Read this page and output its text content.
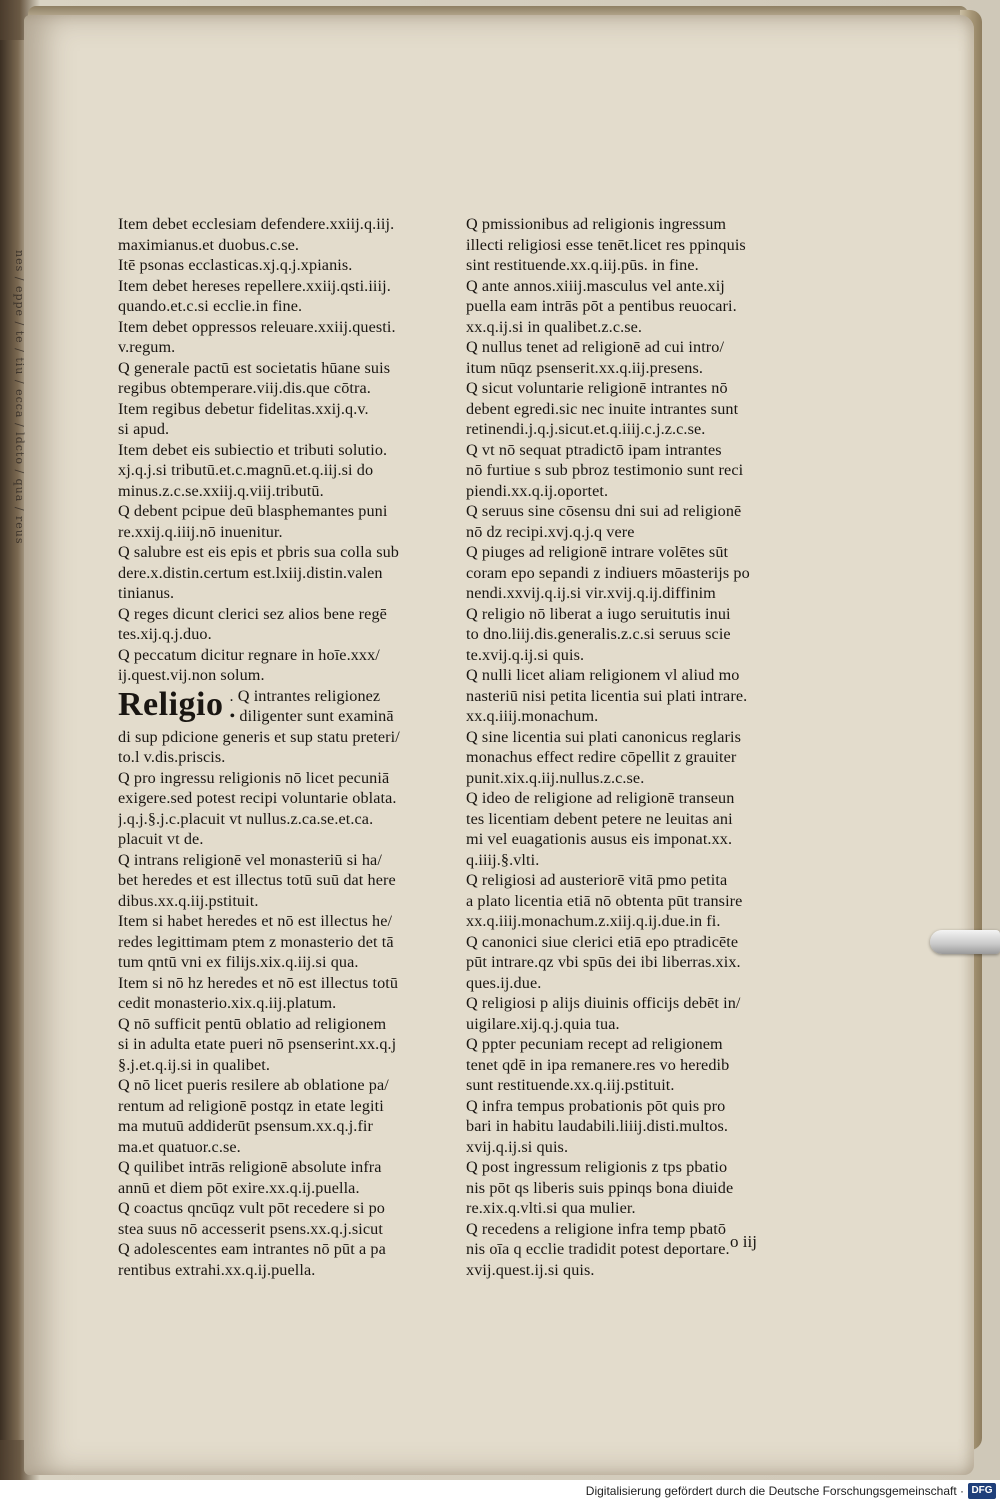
nes / eppe / te / tiu / ecca / ldcto / qua / reus
Item debet ecclesiam defendere.xxiij.q.iij.
maximianus.et duobus.c.se.
Itē psonas ecclasticas.xj.q.j.xpianis.
Item debet hereses repellere.xxiij.qsti.iiij.
quando.et.c.si ecclie.in fine.
Item debet oppressos releuare.xxiij.questi.
v.regum.
Q generale pactū est societatis hūane suis
regibus obtemperare.viij.dis.que cōtra.
Item regibus debetur fidelitas.xxij.q.v.
si apud.
Item debet eis subiectio et tributi solutio.
xj.q.j.si tributū.et.c.magnū.et.q.iij.si do
minus.z.c.se.xxiij.q.viij.tributū.
Q debent pcipue deū blasphemantes puni
re.xxij.q.iiij.nō inuenitur.
Q salubre est eis epis et pbris sua colla sub
dere.x.distin.certum est.lxiij.distin.valen
tinianus.
Q reges dicunt clerici sez alios bene regē
tes.xij.q.j.duo.
Q peccatum dicitur regnare in hoīe.xxx/
ij.quest.vij.non solum.
Religio . Q intrantes religionez
• diligenter sunt examinā
di sup pdicione generis et sup statu preteri/
to.l v.dis.priscis.
Q pro ingressu religionis nō licet pecuniā
exigere.sed potest recipi voluntarie oblata.
j.q.j.§.j.c.placuit vt nullus.z.ca.se.et.ca.
placuit vt de.
Q intrans religionē vel monasteriū si ha/
bet heredes et est illectus totū suū dat here
dibus.xx.q.iij.pstituit.
Item si habet heredes et nō est illectus he/
redes legittimam ptem z monasterio det tā
tum qntū vni ex filijs.xix.q.iij.si qua.
Item si nō hz heredes et nō est illectus totū
cedit monasterio.xix.q.iij.platum.
Q nō sufficit pentū oblatio ad religionem
si in adulta etate pueri nō psenserint.xx.q.j
§.j.et.q.ij.si in qualibet.
Q nō licet pueris resilere ab oblatione pa/
rentum ad religionē postqz in etate legiti
ma mutuū addiderūt psensum.xx.q.j.fir
ma.et quatuor.c.se.
Q quilibet intrās religionē absolute infra
annū et diem pōt exire.xx.q.ij.puella.
Q coactus qncūqz vult pōt recedere si po
stea suus nō accesserit psens.xx.q.j.sicut
Q adolescentes eam intrantes nō pūt a pa
rentibus extrahi.xx.q.ij.puella.
Q pmissionibus ad religionis ingressum
illecti religiosi esse tenēt.licet res ppinquis
sint restituende.xx.q.iij.pūs. in fine.
Q ante annos.xiiij.masculus vel ante.xij
puella eam intrās pōt a pentibus reuocari.
xx.q.ij.si in qualibet.z.c.se.
Q nullus tenet ad religionē ad cui intro/
itum nūqz psenserit.xx.q.iij.presens.
Q sicut voluntarie religionē intrantes nō
debent egredi.sic nec inuite intrantes sunt
retinendi.j.q.j.sicut.et.q.iiij.c.j.z.c.se.
Q vt nō sequat ptradictō ipam intrantes
nō furtiue s sub pbroz testimonio sunt reci
piendi.xx.q.ij.oportet.
Q seruus sine cōsensu dni sui ad religionē
nō dz recipi.xvj.q.j.q vere
Q piuges ad religionē intrare volētes sūt
coram epo sepandi z indiuers mōasterijs po
nendi.xxvij.q.ij.si vir.xvij.q.ij.diffinim
Q religio nō liberat a iugo seruitutis inui
to dno.liij.dis.generalis.z.c.si seruus scie
te.xvij.q.ij.si quis.
Q nulli licet aliam religionem vl aliud mo
nasteriū nisi petita licentia sui plati intrare.
xx.q.iiij.monachum.
Q sine licentia sui plati canonicus reglaris
monachus effect redire cōpellit z grauiter
punit.xix.q.iij.nullus.z.c.se.
Q ideo de religione ad religionē transeun
tes licentiam debent petere ne leuitas ani
mi vel euagationis ausus eis imponat.xx.
q.iiij.§.vlti.
Q religiosi ad austeriorē vitā pmo petita
a plato licentia etiā nō obtenta pūt transire
xx.q.iiij.monachum.z.xiij.q.ij.due.in fi.
Q canonici siue clerici etiā epo ptradicēte
pūt intrare.qz vbi spūs dei ibi liberras.xix.
ques.ij.due.
Q religiosi p alijs diuinis officijs debēt in/
uigilare.xij.q.j.quia tua.
Q ppter pecuniam recept ad religionem
tenet qdē in ipa remanere.res vo heredib
sunt restituende.xx.q.iij.pstituit.
Q infra tempus probationis pōt quis pro
bari in habitu laudabili.liiij.disti.multos.
xvij.q.ij.si quis.
Q post ingressum religionis z tps pbatio
nis pōt qs liberis suis ppinqs bona diuide
re.xix.q.vlti.si qua mulier.
Q recedens a religione infra temp pbatō
nis oīa q ecclie tradidit potest deportare.
xvij.quest.ij.si quis.
o iij
Digitalisierung gefördert durch die Deutsche Forschungsgemeinschaft · DFG
